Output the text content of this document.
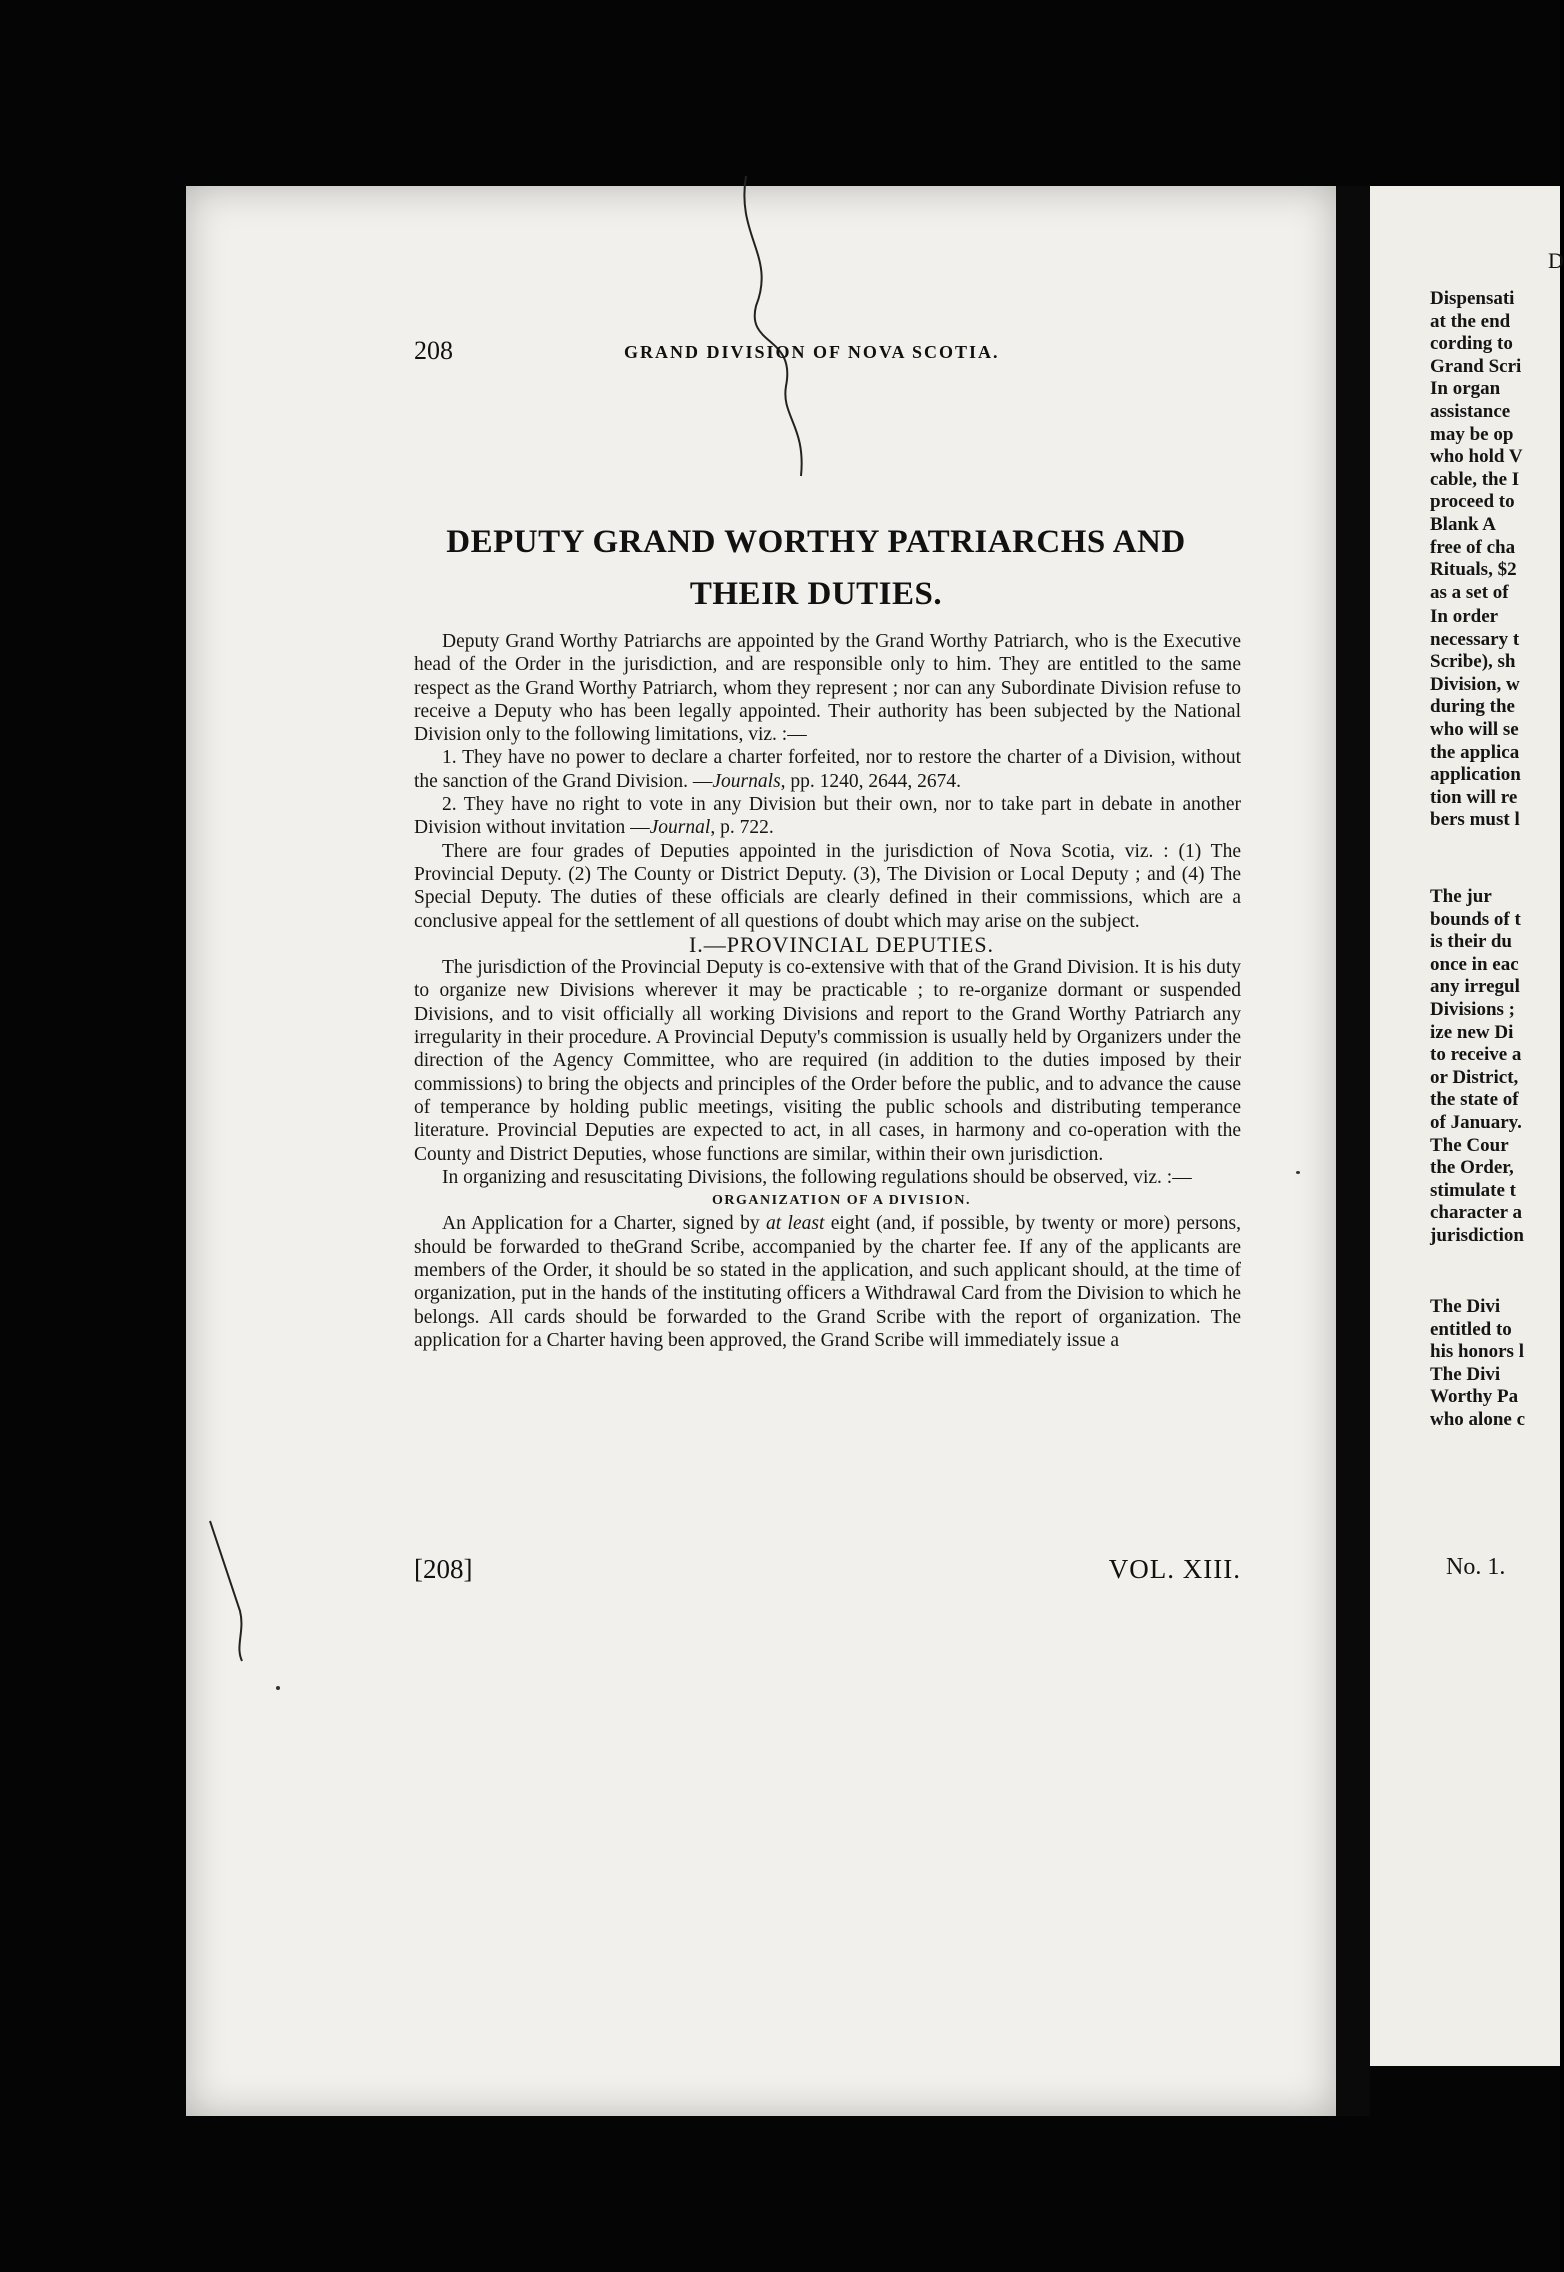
208	GRAND DIVISION OF NOVA SCOTIA.
DEPUTY GRAND WORTHY PATRIARCHS AND
THEIR DUTIES.

Deputy Grand Worthy Patriarchs are appointed by the Grand Worthy Patriarch, who is the Executive head of the Order in the jurisdiction, and are responsible only to him. They are entitled to the same respect as the Grand Worthy Patriarch, whom they represent ; nor can any Subordinate Division refuse to receive a Deputy who has been legally appointed. Their authority has been subjected by the National Division only to the following limitations, viz. :—

1. They have no power to declare a charter forfeited, nor to restore the charter of a Division, without the sanction of the Grand Division. —Journals, pp. 1240, 2644, 2674.

2. They have no right to vote in any Division but their own, nor to take part in debate in another Division without invitation —Journal, p. 722.

There are four grades of Deputies appointed in the jurisdiction of Nova Scotia, viz. : (1) The Provincial Deputy. (2) The County or District Deputy. (3), The Division or Local Deputy ; and (4) The Special Deputy. The duties of these officials are clearly defined in their commissions, which are a conclusive appeal for the settlement of all questions of doubt which may arise on the subject.

I.—PROVINCIAL DEPUTIES.

The jurisdiction of the Provincial Deputy is co-extensive with that of the Grand Division. It is his duty to organize new Divisions wherever it may be practicable ; to re-organize dormant or suspended Divisions, and to visit officially all working Divisions and report to the Grand Worthy Patriarch any irregularity in their procedure. A Provincial Deputy's commission is usually held by Organizers under the direction of the Agency Committee, who are required (in addition to the duties imposed by their commissions) to bring the objects and principles of the Order before the public, and to advance the cause of temperance by holding public meetings, visiting the public schools and distributing temperance literature. Provincial Deputies are expected to act, in all cases, in harmony and co-operation with the County and District Deputies, whose functions are similar, within their own jurisdiction.

In organizing and resuscitating Divisions, the following regulations should be observed, viz. :—

ORGANIZATION OF A DIVISION.

An Application for a Charter, signed by at least eight (and, if possible, by twenty or more) persons, should be forwarded to theGrand Scribe, accompanied by the charter fee. If any of the applicants are members of the Order, it should be so stated in the application, and such applicant should, at the time of organization, put in the hands of the instituting officers a Withdrawal Card from the Division to which he belongs. All cards should be forwarded to the Grand Scribe with the report of organization. The application for a Charter having been approved, the Grand Scribe will immediately issue a

[208]	VOL. XIII.
D
Dispensati
at the end
cording to
Grand Scri
In organ
assistance
may be op
who hold V
cable, the I
proceed to
Blank A
free of cha
Rituals, $2
as a set of
In order
necessary t
Scribe), sh
Division, w
during the
who will se
the applica
application
tion will re
bers must l
The jur
bounds of t
is their du
once in eac
any irregul
Divisions ;
ize new Di
to receive a
or District,
the state of
of January.
The Cour
the Order,
stimulate t
character a
jurisdiction
The Divi
entitled to
his honors l
The Divi
Worthy Pa
who alone c
No. 1.
